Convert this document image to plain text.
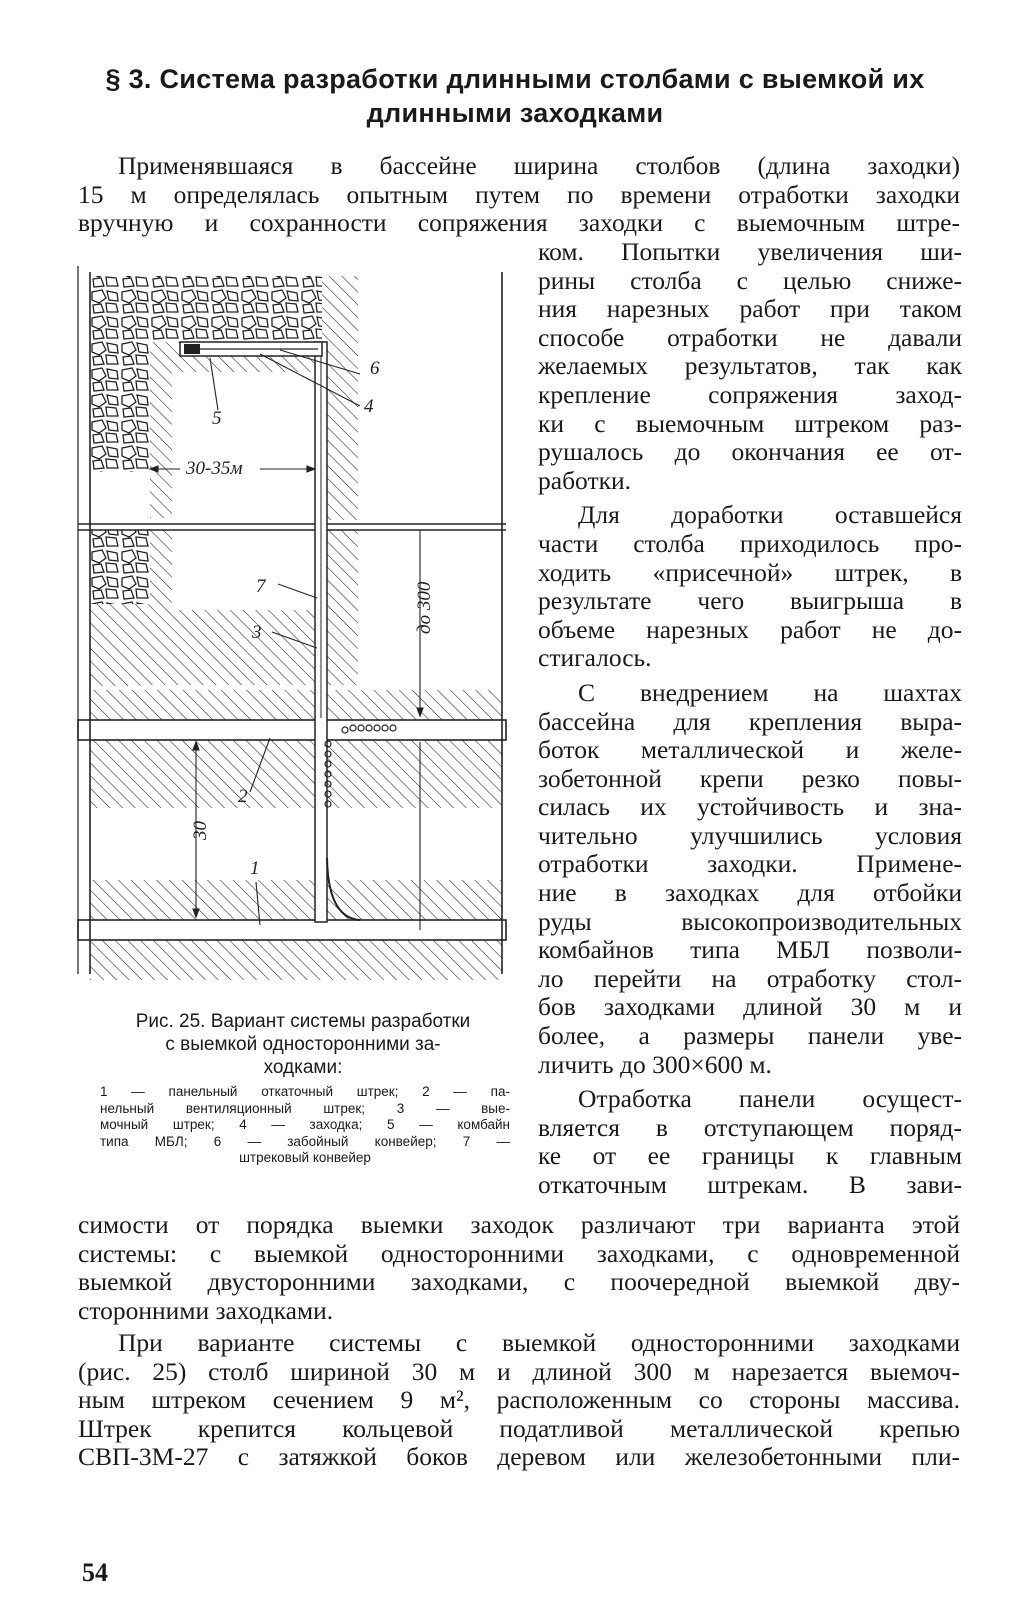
§ 3. Система разработки длинными столбами с выемкой их
длинными заходками
Применявшаяся в бассейне ширина столбов (длина заходки)
15 м определялась опытным путем по времени отработки заходки
вручную и сохранности сопряжения заходки с выемочным штре-
ком. Попытки увеличения ши-
рины столба с целью сниже-
ния нарезных работ при таком
способе отработки не давали
желаемых результатов, так как
крепление сопряжения заход-
ки с выемочным штреком раз-
рушалось до окончания ее от-
работки.
Для доработки оставшейся
части столба приходилось про-
ходить «присечной» штрек, в
результате чего выигрыша в
объеме нарезных работ не до-
стигалось.
С внедрением на шахтах
бассейна для крепления выра-
боток металлической и желе-
зобетонной крепи резко повы-
силась их устойчивость и зна-
чительно улучшились условия
отработки заходки. Примене-
ние в заходках для отбойки
руды высокопроизводительных
комбайнов типа МБЛ позволи-
ло перейти на отработку стол-
бов заходками длиной 30 м и
более, а размеры панели уве-
личить до 300×600 м.
Отработка панели осущест-
вляется в отступающем поряд-
ке от ее границы к главным
откаточным штрекам. В зави-
симости от порядка выемки заходок различают три варианта этой
системы: с выемкой односторонними заходками, с одновременной
выемкой двусторонними заходками, с поочередной выемкой дву-
сторонними заходками.
При варианте системы с выемкой односторонними заходками
(рис. 25) столб шириной 30 м и длиной 300 м нарезается выемоч-
ным штреком сечением 9 м², расположенным со стороны массива.
Штрек крепится кольцевой податливой металлической крепью
СВП-3М-27 с затяжкой боков деревом или железобетонными пли-
6
4
5
30-35м
7
3
2
1
до 300
30
Рис. 25. Вариант системы разработки
с выемкой односторонними за-
ходками:
1 — панельный откаточный штрек; 2 — па-
нельный вентиляционный штрек; 3 — вые-
мочный штрек; 4 — заходка; 5 — комбайн
типа МБЛ; 6 — забойный конвейер; 7 —
штрековый конвейер
54
